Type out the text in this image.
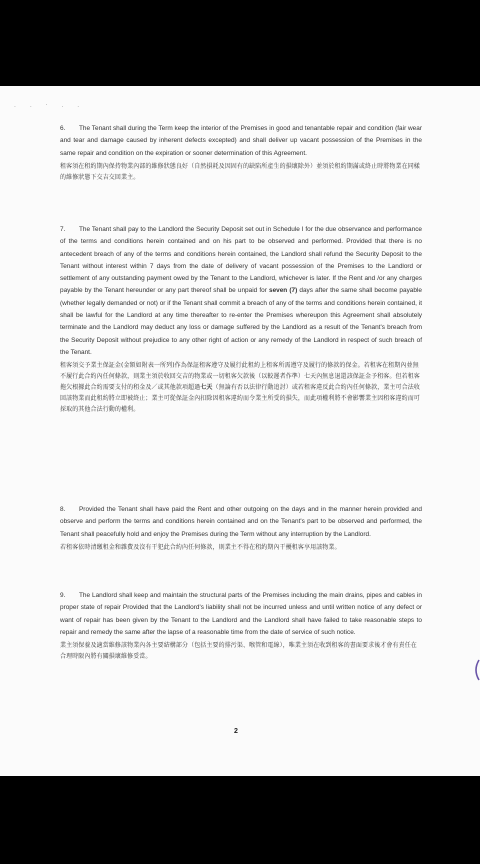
. . · . .

6. The Tenant shall during the Term keep the interior of the Premises in good and tenantable repair and condition (fair wear and tear and damage caused by inherent defects excepted) and shall deliver up vacant possession of the Premises in the same repair and condition on the expiration or sooner determination of this Agreement.

租客須在租約期內保持物業內部的維修狀態良好（自然損耗及因固有的缺陷所產生的損壞除外）並須於租約期滿或終止時將物業在同樣的維修狀態下交吉交回業主。

7. The Tenant shall pay to the Landlord the Security Deposit set out in Schedule I for the due observance and performance of the terms and conditions herein contained and on his part to be observed and performed. Provided that there is no antecedent breach of any of the terms and conditions herein contained, the Landlord shall refund the Security Deposit to the Tenant without interest within 7 days from the date of delivery of vacant possession of the Premises to the Landlord or settlement of any outstanding payment owed by the Tenant to the Landlord, whichever is later. If the Rent and /or any charges payable by the Tenant hereunder or any part thereof shall be unpaid for seven (7) days after the same shall become payable (whether legally demanded or not) or if the Tenant shall commit a breach of any of the terms and conditions herein contained, it shall be lawful for the Landlord at any time thereafter to re-enter the Premises whereupon this Agreement shall absolutely terminate and the Landlord may deduct any loss or damage suffered by the Landlord as a result of the Tenant's breach from the Security Deposit without prejudice to any other right of action or any remedy of the Landlord in respect of such breach of the Tenant.

租客須交予業主保証金(金額如附表一所列)作為保証租客遵守及履行此租約上租客所需遵守及履行的條款的保金。若租客在租期內並無不履行此合約內任何條款，則業主須於收回交吉的物業或一切租客欠款後（以較遲者作準）七天內無息退還該保証金予租客。但若租客拖欠根據此合約需要支付的租金及／或其他款項超過七天（無論有否以法律行動追討）或若租客違反此合約內任何條款，業主可合法收回該物業而此租約將立即被終止；業主可從保証金內扣除因租客違約而令業主所受的損失，而此項權利將不會影響業主因租客違約而可採取的其他合法行動的權利。

8. Provided the Tenant shall have paid the Rent and other outgoing on the days and in the manner herein provided and observe and perform the terms and conditions herein contained and on the Tenant's part to be observed and performed, the Tenant shall peacefully hold and enjoy the Premises during the Term without any interruption by the Landlord.

若租客依時清繳租金和雜費及沒有干犯此合約內任何條款，則業主不得在租約期內干擾租客享用該物業。

9. The Landlord shall keep and maintain the structural parts of the Premises including the main drains, pipes and cables in proper state of repair Provided that the Landlord's liability shall not be incurred unless and until written notice of any defect or want of repair has been given by the Tenant to the Landlord and the Landlord shall have failed to take reasonable steps to repair and remedy the same after the lapse of a reasonable time from the date of service of such notice.

業主須保養及適當維修該物業內各主要結構部分（包括主要的排污渠、喉管和電線），唯業主須在收到租客的書面要求後才會有責任在合理時限內將有關損壞維修妥當。

2
